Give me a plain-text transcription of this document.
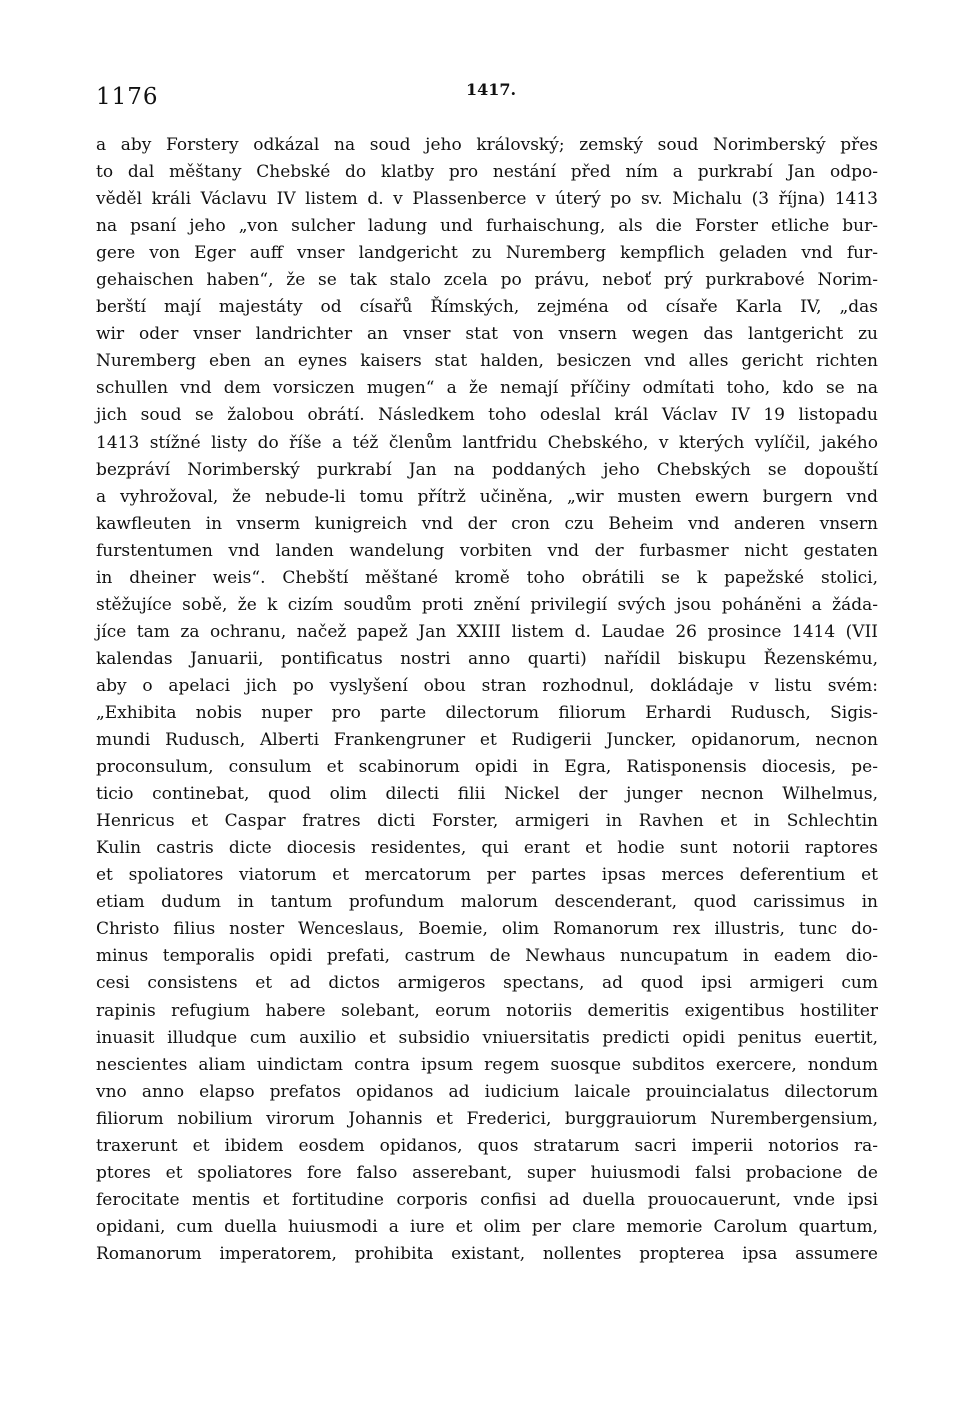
1176	1417.
a aby Forstery odkázal na soud jeho královský; zemský soud Norimberský přes
to dal měštany Chebské do klatby pro nestání před ním a purkrabí Jan odpo-
věděl králi Václavu IV listem d. v Plassenberce v úterý po sv. Michalu (3 října) 1413
na psaní jeho „von sulcher ladung und furhaischung, als die Forster etliche bur-
gere von Eger auff vnser landgericht zu Nuremberg kempflich geladen vnd fur-
gehaischen haben“, že se tak stalo zcela po právu, neboť prý purkrabové Norim-
berští mají majestáty od císařů Římských, zejména od císaře Karla IV, „das
wir oder vnser landrichter an vnser stat von vnsern wegen das lantgericht zu
Nuremberg eben an eynes kaisers stat halden, besiczen vnd alles gericht richten
schullen vnd dem vorsiczen mugen“ a že nemají příčiny odmítati toho, kdo se na
jich soud se žalobou obrátí. Následkem toho odeslal král Václav IV 19 listopadu
1413 stížné listy do říše a též členům lantfridu Chebského, v kterých vylíčil, jakého
bezpráví Norimberský purkrabí Jan na poddaných jeho Chebských se dopouští
a vyhrožoval, že nebude-li tomu přítrž učiněna, „wir musten ewern burgern vnd
kawfleuten in vnserm kunigreich vnd der cron czu Beheim vnd anderen vnsern
furstentumen vnd landen wandelung vorbiten vnd der furbasmer nicht gestaten
in dheiner weis“. Chebští měštané kromě toho obrátili se k papežské stolici,
stěžujíce sobě, že k cizím soudům proti znění privilegií svých jsou poháněni a žáda-
jíce tam za ochranu, načež papež Jan XXIII listem d. Laudae 26 prosince 1414 (VII
kalendas Januarii, pontificatus nostri anno quarti) nařídil biskupu Řezenskému,
aby o apelaci jich po vyslyšení obou stran rozhodnul, dokládaje v listu svém:
„Exhibita nobis nuper pro parte dilectorum filiorum Erhardi Rudusch, Sigis-
mundi Rudusch, Alberti Frankengruner et Rudigerii Juncker, opidanorum, necnon
proconsulum, consulum et scabinorum opidi in Egra, Ratisponensis diocesis, pe-
ticio continebat, quod olim dilecti filii Nickel der junger necnon Wilhelmus,
Henricus et Caspar fratres dicti Forster, armigeri in Ravhen et in Schlechtin
Kulin castris dicte diocesis residentes, qui erant et hodie sunt notorii raptores
et spoliatores viatorum et mercatorum per partes ipsas merces deferentium et
etiam dudum in tantum profundum malorum descenderant, quod carissimus in
Christo filius noster Wenceslaus, Boemie, olim Romanorum rex illustris, tunc do-
minus temporalis opidi prefati, castrum de Newhaus nuncupatum in eadem dio-
cesi consistens et ad dictos armigeros spectans, ad quod ipsi armigeri cum
rapinis refugium habere solebant, eorum notoriis demeritis exigentibus hostiliter
inuasit illudque cum auxilio et subsidio vniuersitatis predicti opidi penitus euertit,
nescientes aliam uindictam contra ipsum regem suosque subditos exercere, nondum
vno anno elapso prefatos opidanos ad iudicium laicale prouincialatus dilectorum
filiorum nobilium virorum Johannis et Frederici, burggrauiorum Nurembergensium,
traxerunt et ibidem eosdem opidanos, quos stratarum sacri imperii notorios ra-
ptores et spoliatores fore falso asserebant, super huiusmodi falsi probacione de
ferocitate mentis et fortitudine corporis confisi ad duella prouocauerunt, vnde ipsi
opidani, cum duella huiusmodi a iure et olim per clare memorie Carolum quartum,
Romanorum imperatorem, prohibita existant, nollentes propterea ipsa assumere
